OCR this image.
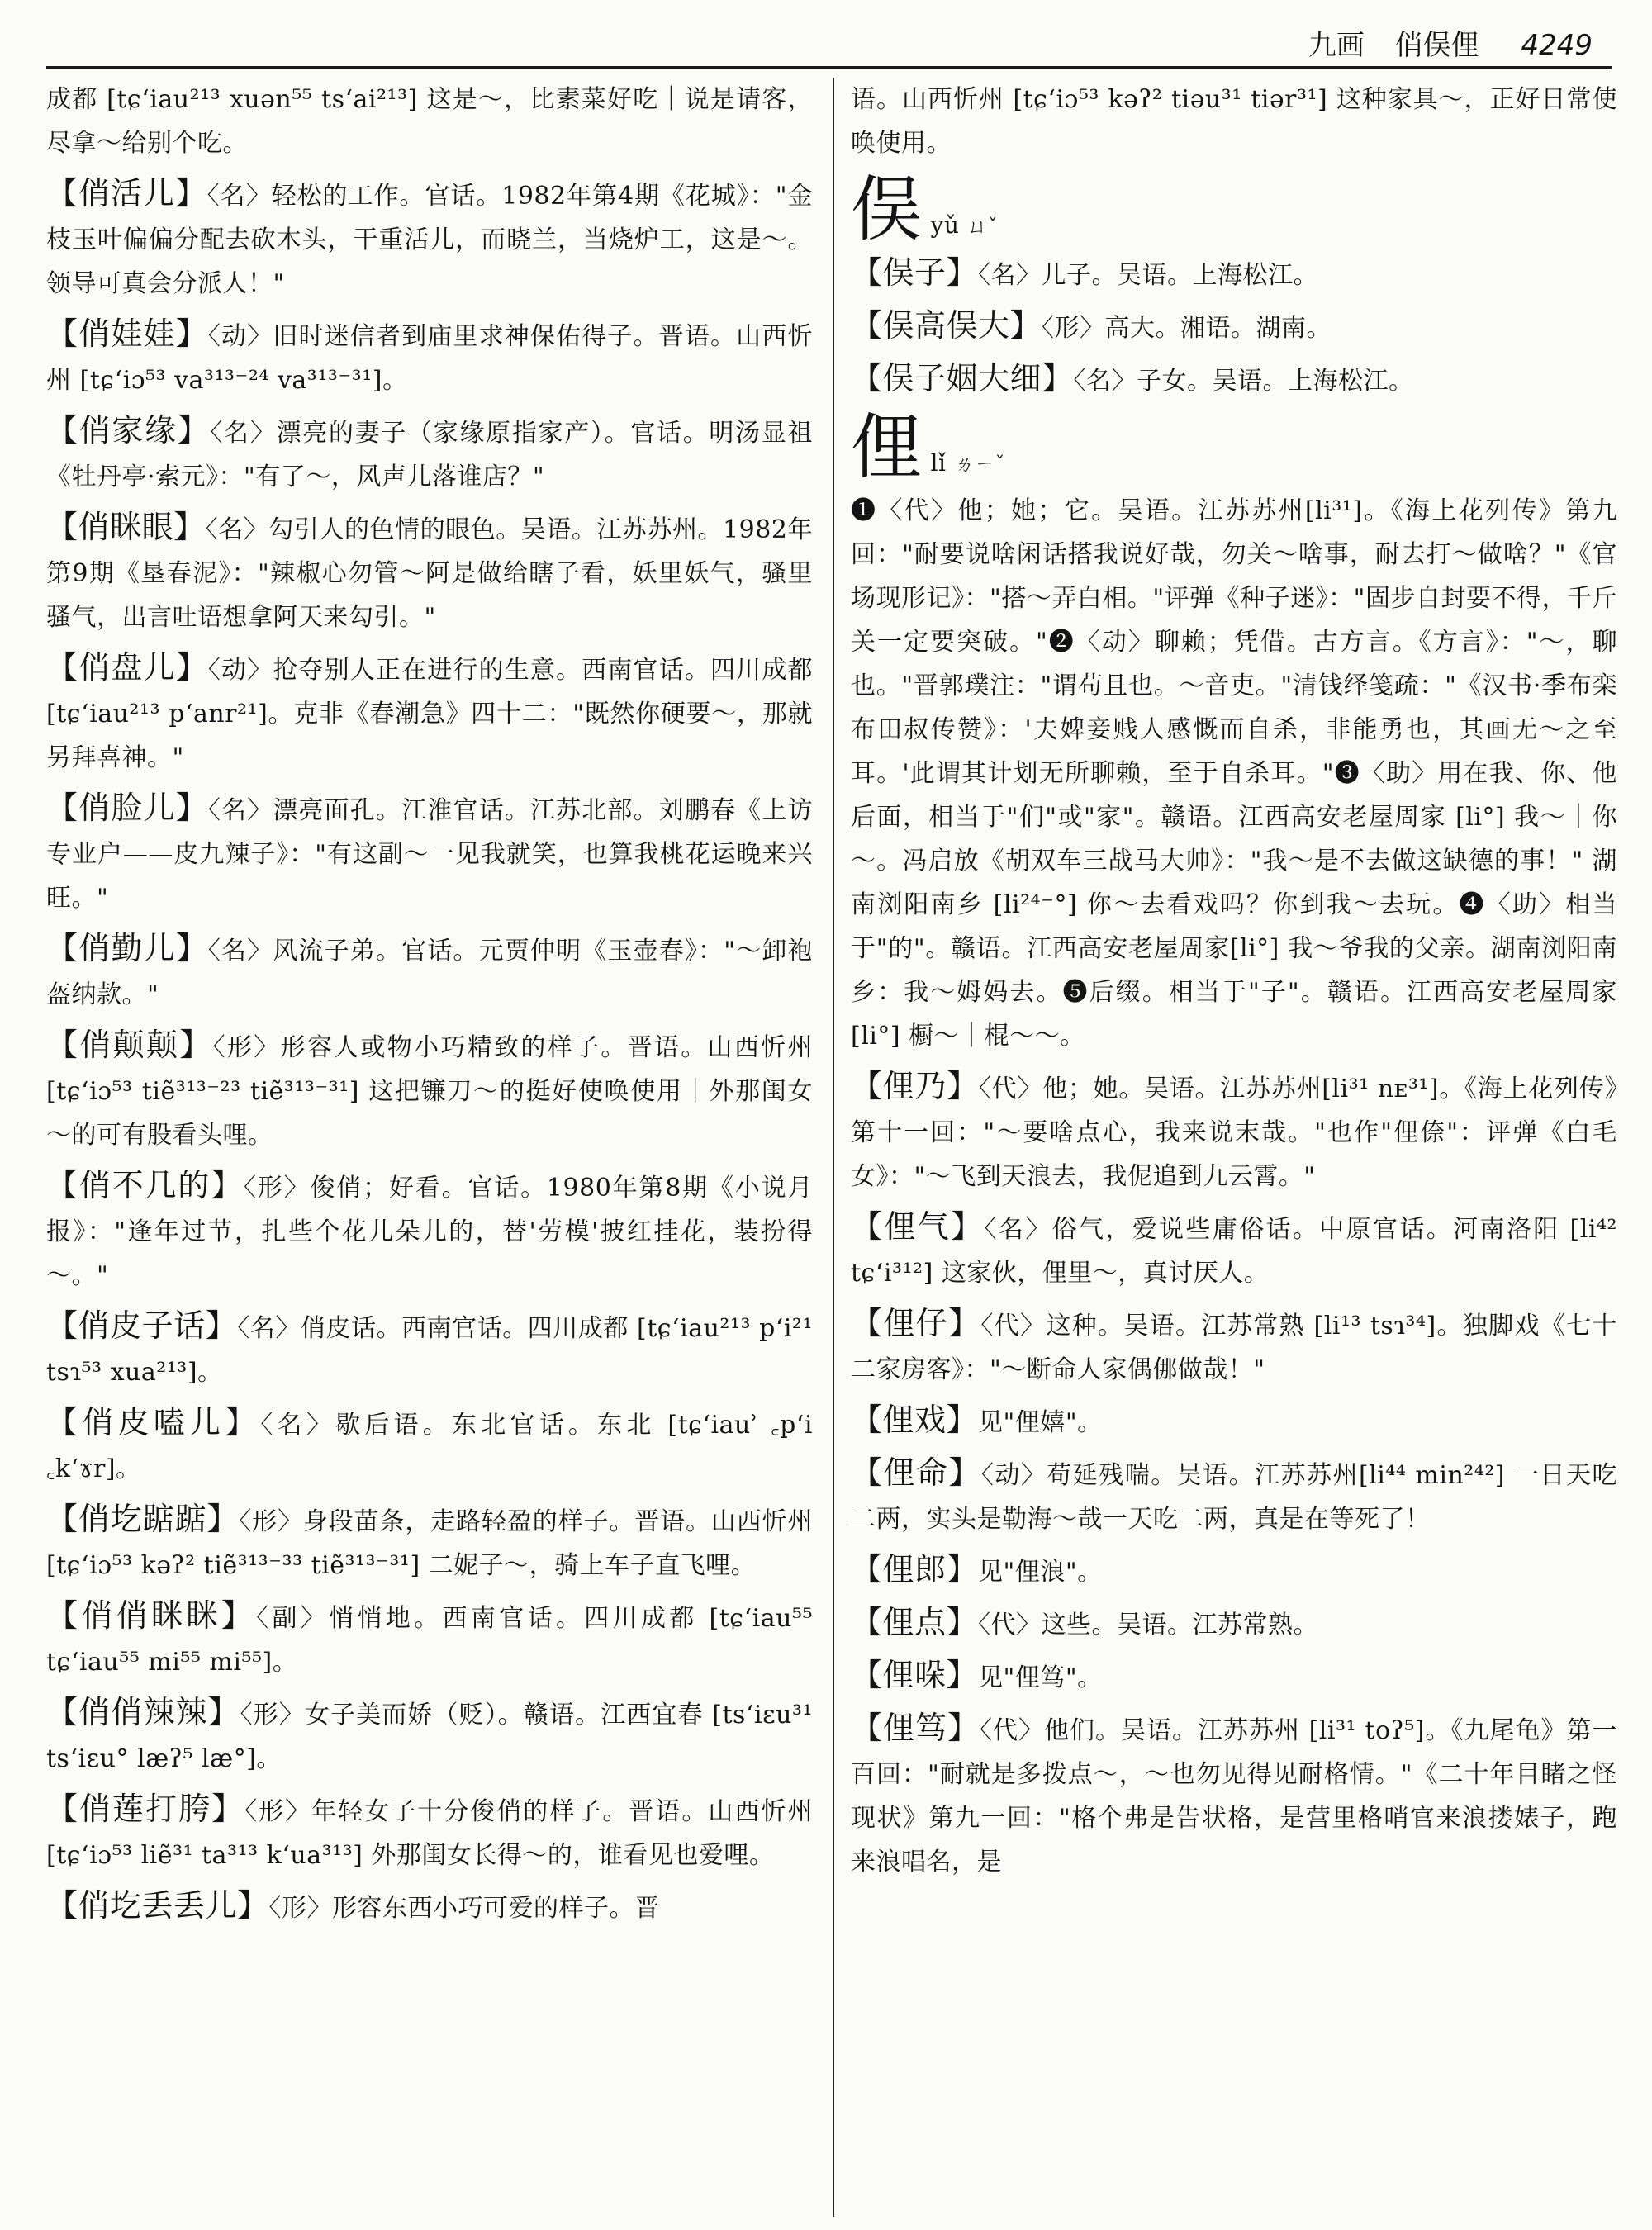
九画 俏俣俚 4249

成都 [tɕʻiau²¹³ xuən⁵⁵ tsʻai²¹³] 这是～，比素菜好吃｜说是请客，尽拿～给别个吃。

【俏活儿】〈名〉轻松的工作。官话。1982年第4期《花城》："金枝玉叶偏偏分配去砍木头，干重活儿，而晓兰，当烧炉工，这是～。领导可真会分派人！"

【俏娃娃】〈动〉旧时迷信者到庙里求神保佑得子。晋语。山西忻州 [tɕʻiɔ⁵³ va³¹³⁻²⁴ va³¹³⁻³¹]。

【俏家缘】〈名〉漂亮的妻子（家缘原指家产）。官话。明汤显祖《牡丹亭·索元》："有了～，风声儿落谁店？"

【俏眯眼】〈名〉勾引人的色情的眼色。吴语。江苏苏州。1982年第9期《垦春泥》："辣椒心勿管～阿是做给瞎子看，妖里妖气，骚里骚气，出言吐语想拿阿天来勾引。"

【俏盘儿】〈动〉抢夺别人正在进行的生意。西南官话。四川成都 [tɕʻiau²¹³ pʻanr²¹]。克非《春潮急》四十二："既然你硬要～，那就另拜喜神。"

【俏脸儿】〈名〉漂亮面孔。江淮官话。江苏北部。刘鹏春《上访专业户——皮九辣子》："有这副～一见我就笑，也算我桃花运晚来兴旺。"

【俏勤儿】〈名〉风流子弟。官话。元贾仲明《玉壶春》："～卸袍盔纳款。"

【俏颠颠】〈形〉形容人或物小巧精致的样子。晋语。山西忻州 [tɕʻiɔ⁵³ tiẽ³¹³⁻²³ tiẽ³¹³⁻³¹] 这把镰刀～的挺好使唤使用｜外那闺女～的可有股看头哩。

【俏不几的】〈形〉俊俏；好看。官话。1980年第8期《小说月报》："逢年过节，扎些个花儿朵儿的，替'劳模'披红挂花，装扮得～。"

【俏皮子话】〈名〉俏皮话。西南官话。四川成都 [tɕʻiau²¹³ pʻi²¹ tsɿ⁵³ xua²¹³]。

【俏皮嗑儿】〈名〉歇后语。东北官话。东北 [tɕʻiauʾ ꜀pʻi ꜀kʻɤr]。

【俏圪踮踮】〈形〉身段苗条，走路轻盈的样子。晋语。山西忻州 [tɕʻiɔ⁵³ kəʔ² tiẽ³¹³⁻³³ tiẽ³¹³⁻³¹] 二妮子～，骑上车子直飞哩。

【俏俏眯眯】〈副〉悄悄地。西南官话。四川成都 [tɕʻiau⁵⁵ tɕʻiau⁵⁵ mi⁵⁵ mi⁵⁵]。

【俏俏辣辣】〈形〉女子美而娇（贬）。赣语。江西宜春 [tsʻiɛu³¹ tsʻiɛu° læʔ⁵ læ°]。

【俏莲打胯】〈形〉年轻女子十分俊俏的样子。晋语。山西忻州 [tɕʻiɔ⁵³ liẽ³¹ ta³¹³ kʻua³¹³] 外那闺女长得～的，谁看见也爱哩。

【俏圪丢丢儿】〈形〉形容东西小巧可爱的样子。晋

语。山西忻州 [tɕʻiɔ⁵³ kəʔ² tiəu³¹ tiər³¹] 这种家具～，正好日常使唤使用。

俣 yǔ ㄩˇ

【俣子】〈名〉儿子。吴语。上海松江。

【俣高俣大】〈形〉高大。湘语。湖南。

【俣子姻大细】〈名〉子女。吴语。上海松江。

俚 lǐ ㄌㄧˇ

❶〈代〉他；她；它。吴语。江苏苏州[li³¹]。《海上花列传》第九回："耐要说啥闲话搭我说好哉，勿关～啥事，耐去打～做啥？"《官场现形记》："搭～弄白相。"评弹《种子迷》："固步自封要不得，千斤关一定要突破。"❷〈动〉聊赖；凭借。古方言。《方言》："～，聊也。"晋郭璞注："谓苟且也。～音吏。"清钱绎笺疏："《汉书·季布栾布田叔传赞》：'夫婢妾贱人感慨而自杀，非能勇也，其画无～之至耳。'此谓其计划无所聊赖，至于自杀耳。"❸〈助〉用在我、你、他后面，相当于"们"或"家"。赣语。江西高安老屋周家 [li°] 我～｜你～。冯启放《胡双车三战马大帅》："我～是不去做这缺德的事！" 湖南浏阳南乡 [li²⁴⁻°] 你～去看戏吗？你到我～去玩。❹〈助〉相当于"的"。赣语。江西高安老屋周家[li°] 我～爷我的父亲。湖南浏阳南乡：我～姆妈去。❺后缀。相当于"子"。赣语。江西高安老屋周家 [li°] 橱～｜棍～～。

【俚乃】〈代〉他；她。吴语。江苏苏州[li³¹ nᴇ³¹]。《海上花列传》第十一回："～要啥点心，我来说末哉。"也作"俚倷"：评弹《白毛女》："～飞到天浪去，我伲追到九云霄。"

【俚气】〈名〉俗气，爱说些庸俗话。中原官话。河南洛阳 [li⁴² tɕʻi³¹²] 这家伙，俚里～，真讨厌人。

【俚仔】〈代〉这种。吴语。江苏常熟 [li¹³ tsɿ³⁴]。独脚戏《七十二家房客》："～断命人家偶㑚做哉！"

【俚戏】见"俚嬉"。

【俚命】〈动〉苟延残喘。吴语。江苏苏州[li⁴⁴ min²⁴²] 一日天吃二两，实头是勒海～哉一天吃二两，真是在等死了！

【俚郎】见"俚浪"。

【俚点】〈代〉这些。吴语。江苏常熟。

【俚哚】见"俚笃"。

【俚笃】〈代〉他们。吴语。江苏苏州 [li³¹ toʔ⁵]。《九尾龟》第一百回："耐就是多拨点～，～也勿见得见耐格情。"《二十年目睹之怪现状》第九一回："格个弗是告状格，是营里格哨官来浪搂婊子，跑来浪唱名，是
